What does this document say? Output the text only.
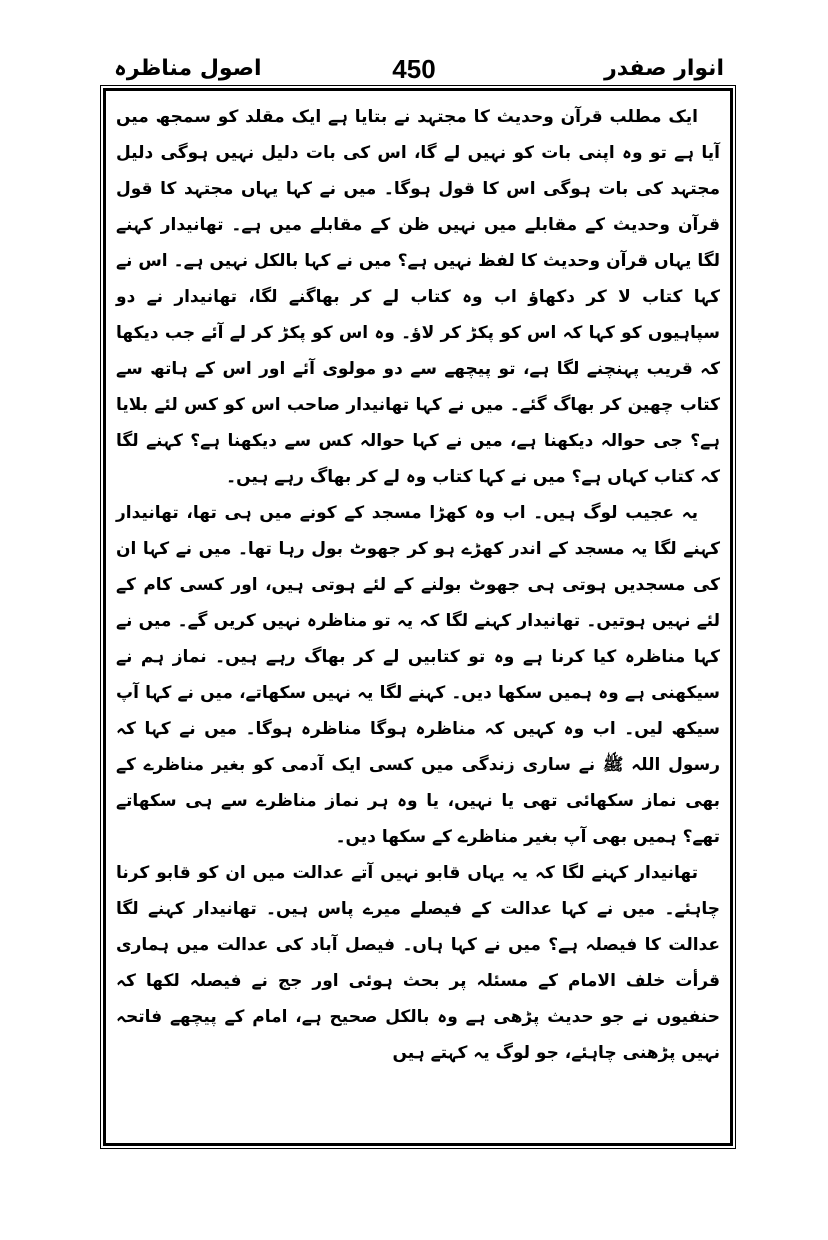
اصول مناظرہ	450	انوار صفدر

ایک مطلب قرآن وحدیث کا مجتہد نے بتایا ہے ایک مقلد کو سمجھ میں آیا ہے تو وہ اپنی بات کو نہیں لے گا، اس کی بات دلیل نہیں ہوگی دلیل مجتہد کی بات ہوگی اس کا قول ہوگا۔ میں نے کہا یہاں مجتہد کا قول قرآن وحدیث کے مقابلے میں نہیں ظن کے مقابلے میں ہے۔ تھانیدار کہنے لگا یہاں قرآن وحدیث کا لفظ نہیں ہے؟ میں نے کہا بالکل نہیں ہے۔ اس نے کہا کتاب لا کر دکھاؤ اب وہ کتاب لے کر بھاگنے لگا، تھانیدار نے دو سپاہیوں کو کہا کہ اس کو پکڑ کر لاؤ۔ وہ اس کو پکڑ کر لے آئے جب دیکھا کہ قریب پہنچنے لگا ہے، تو پیچھے سے دو مولوی آئے اور اس کے ہاتھ سے کتاب چھین کر بھاگ گئے۔ میں نے کہا تھانیدار صاحب اس کو کس لئے بلایا ہے؟ جی حوالہ دیکھنا ہے، میں نے کہا حوالہ کس سے دیکھنا ہے؟ کہنے لگا کہ کتاب کہاں ہے؟ میں نے کہا کتاب وہ لے کر بھاگ رہے ہیں۔

یہ عجیب لوگ ہیں۔ اب وہ کھڑا مسجد کے کونے میں ہی تھا، تھانیدار کہنے لگا یہ مسجد کے اندر کھڑے ہو کر جھوٹ بول رہا تھا۔ میں نے کہا ان کی مسجدیں ہوتی ہی جھوٹ بولنے کے لئے ہوتی ہیں، اور کسی کام کے لئے نہیں ہوتیں۔ تھانیدار کہنے لگا کہ یہ تو مناظرہ نہیں کریں گے۔ میں نے کہا مناظرہ کیا کرنا ہے وہ تو کتابیں لے کر بھاگ رہے ہیں۔ نماز ہم نے سیکھنی ہے وہ ہمیں سکھا دیں۔ کہنے لگا یہ نہیں سکھاتے، میں نے کہا آپ سیکھ لیں۔ اب وہ کہیں کہ مناظرہ ہوگا مناظرہ ہوگا۔ میں نے کہا کہ رسول اللہ ﷺ نے ساری زندگی میں کسی ایک آدمی کو بغیر مناظرے کے بھی نماز سکھائی تھی یا نہیں، یا وہ ہر نماز مناظرے سے ہی سکھاتے تھے؟ ہمیں بھی آپ بغیر مناظرے کے سکھا دیں۔

تھانیدار کہنے لگا کہ یہ یہاں قابو نہیں آتے عدالت میں ان کو قابو کرنا چاہئے۔ میں نے کہا عدالت کے فیصلے میرے پاس ہیں۔ تھانیدار کہنے لگا عدالت کا فیصلہ ہے؟ میں نے کہا ہاں۔ فیصل آباد کی عدالت میں ہماری قرأت خلف الامام کے مسئلہ پر بحث ہوئی اور جج نے فیصلہ لکھا کہ حنفیوں نے جو حدیث پڑھی ہے وہ بالکل صحیح ہے، امام کے پیچھے فاتحہ نہیں پڑھنی چاہئے، جو لوگ یہ کہتے ہیں
